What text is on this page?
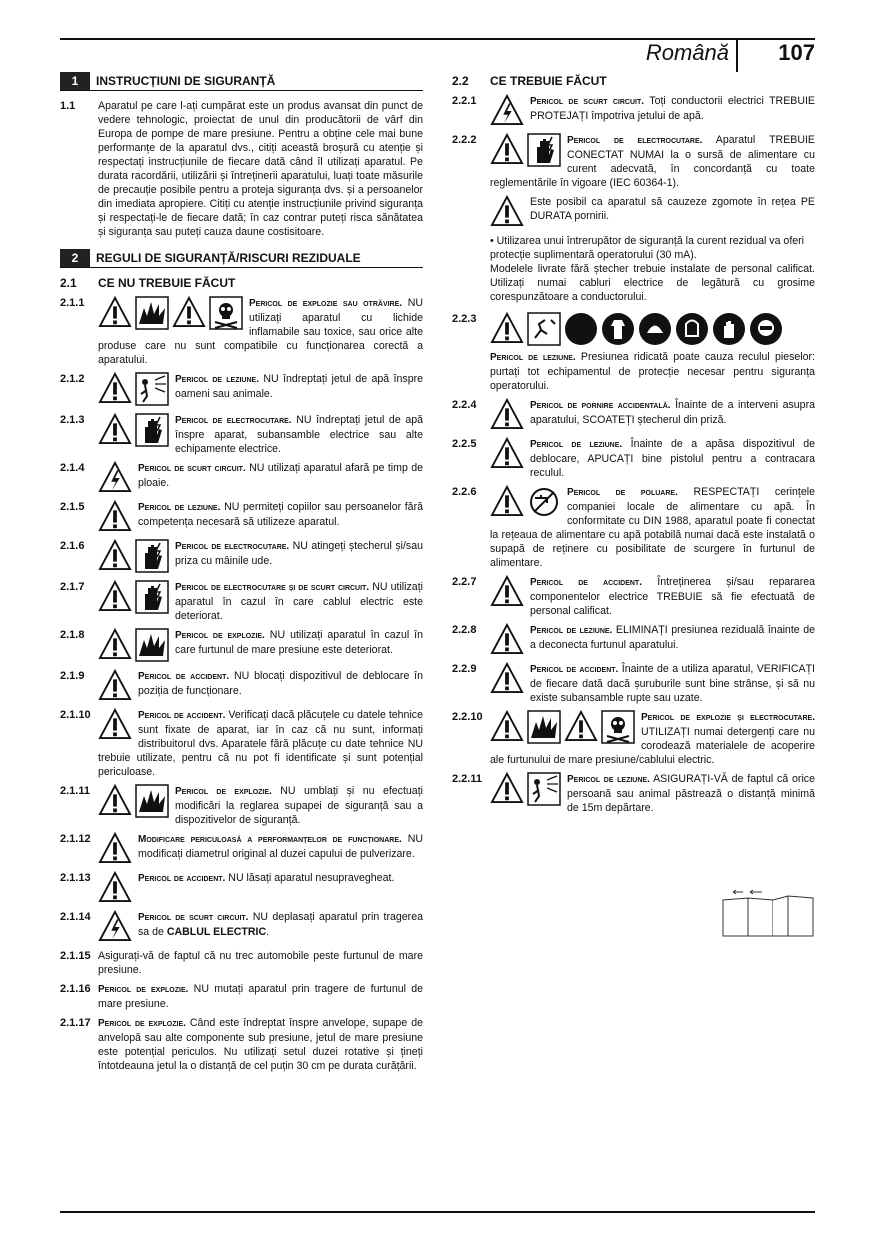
Română 107
1	INSTRUCȚIUNI DE SIGURANȚĂ
1.1	Aparatul pe care l-ați cumpărat este un produs avansat din punct de vedere tehnologic, proiectat de unul din producătorii de vârf din Europa de pompe de mare presiune. Pentru a obține cele mai bune performanțe de la aparatul dvs., citiți această broșură cu atenție și respectați instrucțiunile de fiecare dată când îl utilizați aparatul. Pe durata racordării, utilizării și întreținerii aparatului, luați toate măsurile de precauție posibile pentru a proteja siguranța dvs. și a persoanelor din imediata apropiere. Citiți cu atenție instrucțiunile privind siguranța și respectați-le de fiecare dată; în caz contrar puteți risca sănătatea și siguranța sau puteți cauza daune costisitoare.
2	REGULI DE SIGURANȚĂ/RISCURI REZIDUALE
2.1	CE NU TREBUIE FĂCUT
2.1.1	Pericol de explozie sau otrăvire. NU utilizați aparatul cu lichide inflamabile sau toxice, sau orice alte produse care nu sunt compatibile cu funcționarea corectă a aparatului.
2.1.2	Pericol de leziune. NU îndreptați jetul de apă înspre oameni sau animale.
2.1.3	Pericol de electrocutare. NU îndreptați jetul de apă înspre aparat, subansamble electrice sau alte echipamente electrice.
2.1.4	Pericol de scurt circuit. NU utilizați aparatul afară pe timp de ploaie.
2.1.5	Pericol de leziune. NU permiteți copiilor sau persoanelor fără competența necesară să utilizeze aparatul.
2.1.6	Pericol de electrocutare. NU atingeți ștecherul și/sau priza cu mâinile ude.
2.1.7	Pericol de electrocutare și de scurt circuit. NU utilizați aparatul în cazul în care cablul electric este deteriorat.
2.1.8	Pericol de explozie. NU utilizați aparatul în cazul în care furtunul de mare presiune este deteriorat.
2.1.9	Pericol de accident. NU blocați dispozitivul de deblocare în poziția de funcționare.
2.1.10	Pericol de accident. Verificați dacă plăcuțele cu datele tehnice sunt fixate de aparat, iar în caz că nu sunt, informați distribuitorul dvs. Aparatele fără plăcuțe cu date tehnice NU trebuie utilizate, pentru că nu pot fi identificate și sunt potențial periculoase.
2.1.11	Pericol de explozie. NU umblați și nu efectuați modificări la reglarea supapei de siguranță sau a dispozitivelor de siguranță.
2.1.12	Modificare periculoasă a performanțelor de funcționare. NU modificați diametrul original al duzei capului de pulverizare.
2.1.13	Pericol de accident. NU lăsați aparatul nesupravegheat.
2.1.14	Pericol de scurt circuit. NU deplasați aparatul prin tragerea sa de CABLUL ELECTRIC.
2.1.15 Asigurați-vă de faptul că nu trec automobile peste furtunul de mare presiune.
2.1.16 Pericol de explozie. NU mutați aparatul prin tragere de furtunul de mare presiune.
2.1.17 Pericol de explozie. Când este îndreptat înspre anvelope, supape de anvelopă sau alte componente sub presiune, jetul de mare presiune este potențial periculos. Nu utilizați setul duzei rotative și țineți întotdeauna jetul la o distanță de cel puțin 30 cm pe durata curățării.
2.2	CE TREBUIE FĂCUT
2.2.1	Pericol de scurt circuit. Toți conductorii electrici TREBUIE PROTEJAȚI împotriva jetului de apă.
2.2.2	Pericol de electrocutare. Aparatul TREBUIE CONECTAT NUMAI la o sursă de alimentare cu curent adecvată, în concordanță cu toate reglementările în vigoare (IEC 60364-1).
Este posibil ca aparatul să cauzeze zgomote în rețea PE DURATA pornirii.
• Utilizarea unui întrerupător de siguranță la curent rezidual va oferi protecție suplimentară operatorului (30 mA).
Modelele livrate fără ștecher trebuie instalate de personal calificat. Utilizați numai cabluri electrice de legătură cu grosime corespunzătoare a conductorului.
2.2.3
Pericol de leziune. Presiunea ridicată poate cauza reculul pieselor: purtați tot echipamentul de protecție necesar pentru siguranța operatorului.
2.2.4	Pericol de pornire accidentală. Înainte de a interveni asupra aparatului, SCOATEȚI ștecherul din priză.
2.2.5	Pericol de leziune. Înainte de a apăsa dispozitivul de deblocare, APUCAȚI bine pistolul pentru a contracara reculul.
2.2.6	Pericol de poluare. RESPECTAȚI cerințele companiei locale de alimentare cu apă. În conformitate cu DIN 1988, aparatul poate fi conectat la rețeaua de alimentare cu apă potabilă numai dacă este instalată o supapă de reținere cu posibilitate de scurgere în furtunul de alimentare.
2.2.7	Pericol de accident. Întreținerea și/sau repararea componentelor electrice TREBUIE să fie efectuată de personal calificat.
2.2.8	Pericol de leziune. ELIMINAȚI presiunea reziduală înainte de a deconecta furtunul aparatului.
2.2.9	Pericol de accident. Înainte de a utiliza aparatul, VERIFICAȚI de fiecare dată dacă șuruburile sunt bine strânse, și să nu existe subansamble rupte sau uzate.
2.2.10	Pericol de explozie și electrocutare. UTILIZAȚI numai detergenți care nu corodează materialele de acoperire ale furtunului de mare presiune/cablului electric.
2.2.11	Pericol de leziune. ASIGURAȚI-VĂ de faptul că orice persoană sau animal păstrează o distanță minimă de 15m depărtare.
